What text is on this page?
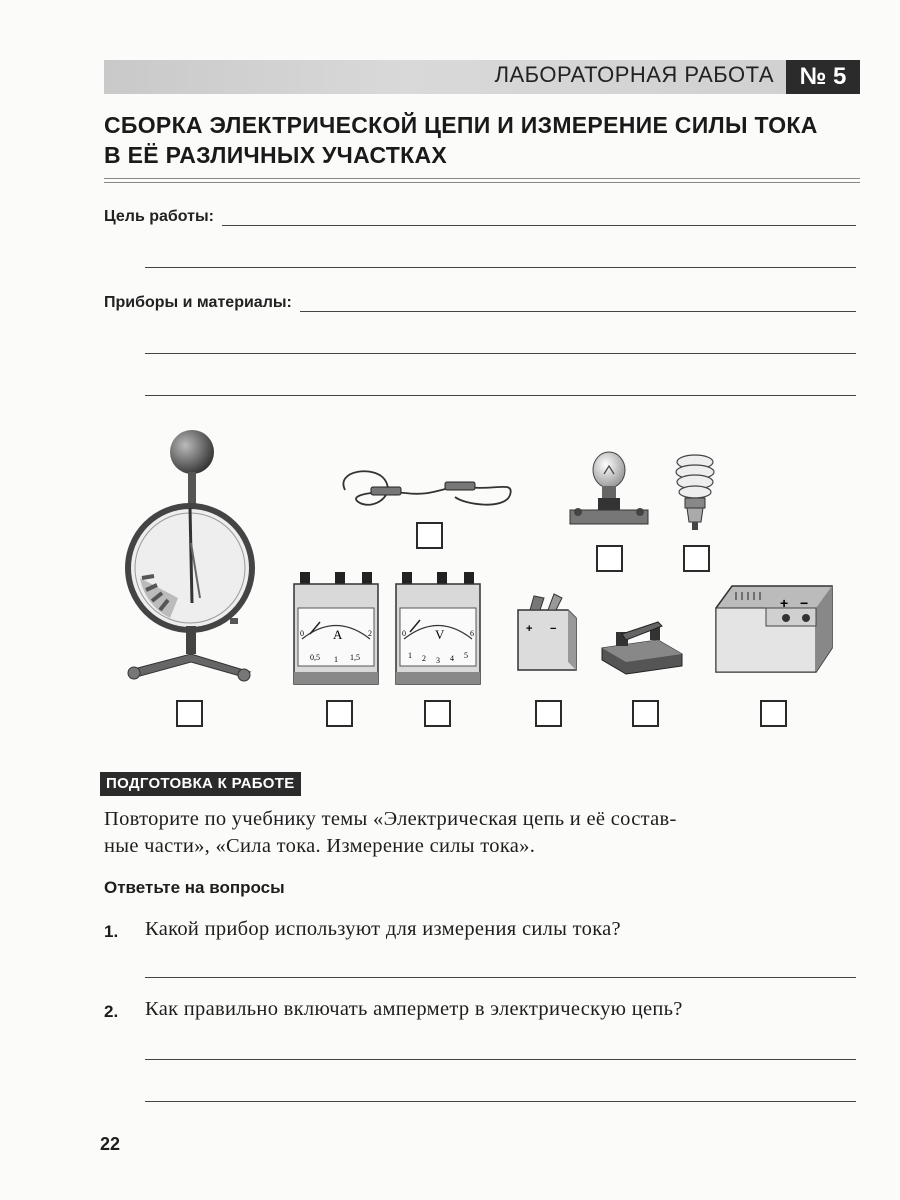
ЛАБОРАТОРНАЯ РАБОТА	№ 5
СБОРКА ЭЛЕКТРИЧЕСКОЙ ЦЕПИ И ИЗМЕРЕНИЕ СИЛЫ ТОКА
В ЕЁ РАЗЛИЧНЫХ УЧАСТКАХ
Цель работы:
Приборы и материалы:
A
0	2
0,5 1 1,5
V
0	6
1 2 3 4 5
+ −
+ −
ПОДГОТОВКА К РАБОТЕ
Повторите по учебнику темы «Электрическая цепь и её состав-
ные части», «Сила тока. Измерение силы тока».
Ответьте на вопросы
1. Какой прибор используют для измерения силы тока?
2. Как правильно включать амперметр в электрическую цепь?
22
